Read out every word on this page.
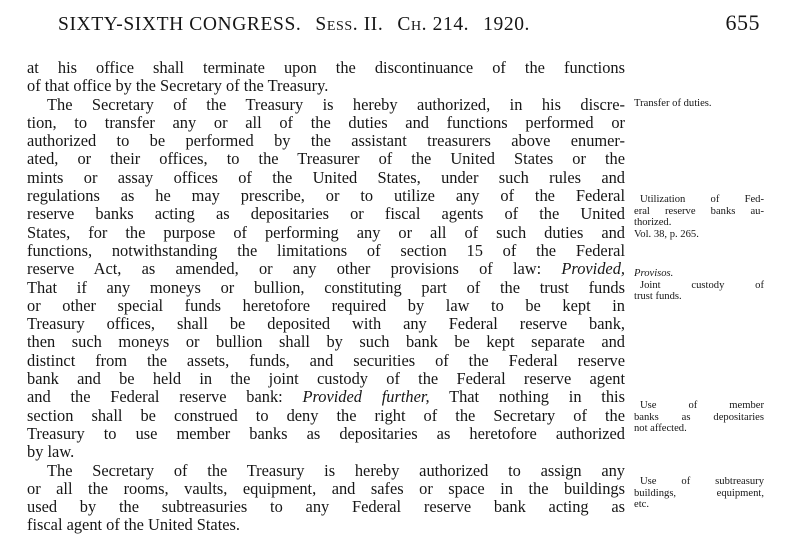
SIXTY-SIXTH CONGRESS. Sess. II. Ch. 214. 1920.	655
at his office shall terminate upon the discontinuance of the functions
of that office by the Secretary of the Treasury.
The Secretary of the Treasury is hereby authorized, in his discre-
tion, to transfer any or all of the duties and functions performed or
authorized to be performed by the assistant treasurers above enumer-
ated, or their offices, to the Treasurer of the United States or the
mints or assay offices of the United States, under such rules and
regulations as he may prescribe, or to utilize any of the Federal
reserve banks acting as depositaries or fiscal agents of the United
States, for the purpose of performing any or all of such duties and
functions, notwithstanding the limitations of section 15 of the Federal
reserve Act, as amended, or any other provisions of law: Provided,
That if any moneys or bullion, constituting part of the trust funds
or other special funds heretofore required by law to be kept in
Treasury offices, shall be deposited with any Federal reserve bank,
then such moneys or bullion shall by such bank be kept separate and
distinct from the assets, funds, and securities of the Federal reserve
bank and be held in the joint custody of the Federal reserve agent
and the Federal reserve bank: Provided further, That nothing in this
section shall be construed to deny the right of the Secretary of the
Treasury to use member banks as depositaries as heretofore authorized
by law.
The Secretary of the Treasury is hereby authorized to assign any
or all the rooms, vaults, equipment, and safes or space in the buildings
used by the subtreasuries to any Federal reserve bank acting as
fiscal agent of the United States.
Transfer of duties.
Utilization of Fed-
eral reserve banks au-
thorized.
Vol. 38, p. 265.
Provisos.
Joint custody of
trust funds.
Use of member
banks as depositaries
not affected.
Use of subtreasury
buildings, equipment,
etc.
